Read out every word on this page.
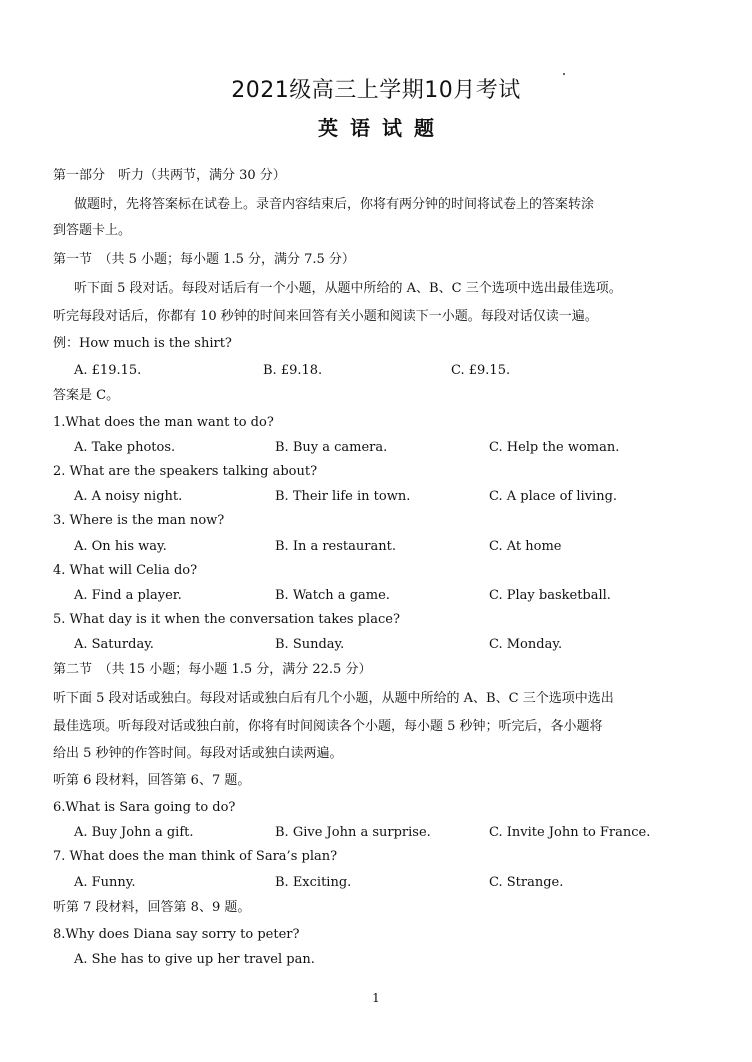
2021级高三上学期10月考试
英语试题
第一部分　听力（共两节，满分 30 分）
做题时，先将答案标在试卷上。录音内容结束后，你将有两分钟的时间将试卷上的答案转涂
到答题卡上。
第一节　（共 5 小题；每小题 1.5 分，满分 7.5 分）
听下面 5 段对话。每段对话后有一个小题，从题中所给的 A、B、C 三个选项中选出最佳选项。
听完每段对话后，你都有 10 秒钟的时间来回答有关小题和阅读下一小题。每段对话仅读一遍。
例：How much is the shirt?
A. £19.15.	B. £9.18.	C. £9.15.
答案是 C。
1.What does the man want to do?
A. Take photos.	B. Buy a camera.	C. Help the woman.
2. What are the speakers talking about?
A. A noisy night.	B. Their life in town.	C. A place of living.
3. Where is the man now?
A. On his way.	B. In a restaurant.	C. At home
4. What will Celia do?
A. Find a player.	B. Watch a game.	C. Play basketball.
5. What day is it when the conversation takes place?
A. Saturday.	B. Sunday.	C. Monday.
第二节　（共 15 小题；每小题 1.5 分，满分 22.5 分）
听下面 5 段对话或独白。每段对话或独白后有几个小题，从题中所给的 A、B、C 三个选项中选出
最佳选项。听每段对话或独白前，你将有时间阅读各个小题，每小题 5 秒钟；听完后，各小题将
给出 5 秒钟的作答时间。每段对话或独白读两遍。
听第 6 段材料，回答第 6、7 题。
6.What is Sara going to do?
A. Buy John a gift.	B. Give John a surprise.	C. Invite John to France.
7. What does the man think of Sara’s plan?
A. Funny.	B. Exciting.	C. Strange.
听第 7 段材料，回答第 8、9 题。
8.Why does Diana say sorry to peter?
A. She has to give up her travel pan.
1
